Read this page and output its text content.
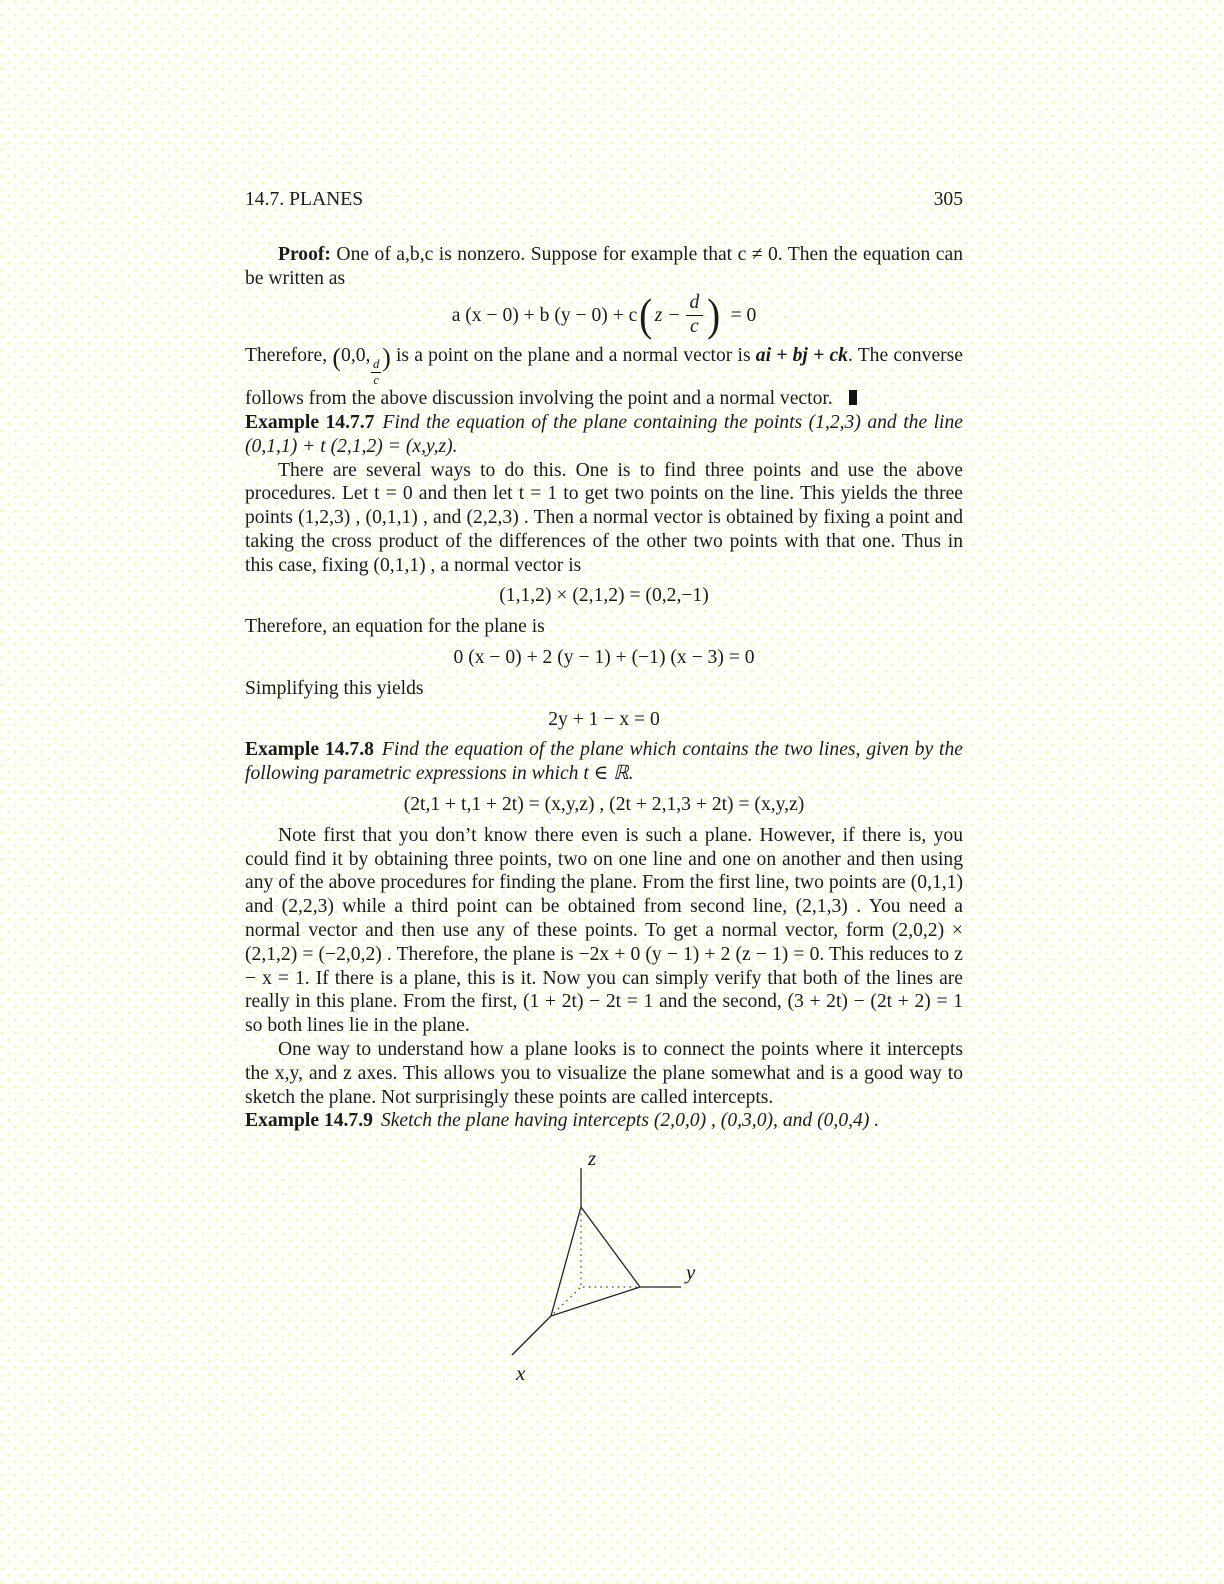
14.7. PLANES	305

Proof: One of a,b,c is nonzero. Suppose for example that c ≠ 0. Then the equation can be written as

a (x − 0) + b (y − 0) + c ( $z - \frac{d}{c}$ ) = 0

Therefore, (0,0,
$\frac{d}{c}$ ) is a point on the plane and a normal vector is ai + bj + ck. The converse follows from the above discussion involving the point and a normal vector.

Example 14.7.7 Find the equation of the plane containing the points (1,2,3) and the line (0,1,1) + t (2,1,2) = (x,y,z).

There are several ways to do this. One is to find three points and use the above procedures. Let t = 0 and then let t = 1 to get two points on the line. This yields the three points (1,2,3) , (0,1,1) , and (2,2,3) . Then a normal vector is obtained by fixing a point and taking the cross product of the differences of the other two points with that one. Thus in this case, fixing (0,1,1) , a normal vector is

(1,1,2) × (2,1,2) = (0,2,−1)

Therefore, an equation for the plane is

0 (x − 0) + 2 (y − 1) + (−1) (x − 3) = 0

Simplifying this yields

2y + 1 − x = 0

Example 14.7.8 Find the equation of the plane which contains the two lines, given by the following parametric expressions in which t ∈ ℝ.

(2t,1 + t,1 + 2t) = (x,y,z) , (2t + 2,1,3 + 2t) = (x,y,z)

Note first that you don’t know there even is such a plane. However, if there is, you could find it by obtaining three points, two on one line and one on another and then using any of the above procedures for finding the plane. From the first line, two points are (0,1,1) and (2,2,3) while a third point can be obtained from second line, (2,1,3) . You need a normal vector and then use any of these points. To get a normal vector, form (2,0,2) × (2,1,2) = (−2,0,2) . Therefore, the plane is −2x + 0 (y − 1) + 2 (z − 1) = 0. This reduces to z − x = 1. If there is a plane, this is it. Now you can simply verify that both of the lines are really in this plane. From the first, (1 + 2t) − 2t = 1 and the second, (3 + 2t) − (2t + 2) = 1 so both lines lie in the plane.

One way to understand how a plane looks is to connect the points where it intercepts the x,y, and z axes. This allows you to visualize the plane somewhat and is a good way to sketch the plane. Not surprisingly these points are called intercepts.

Example 14.7.9 Sketch the plane having intercepts (2,0,0) , (0,3,0), and (0,0,4) .

z
y
x
